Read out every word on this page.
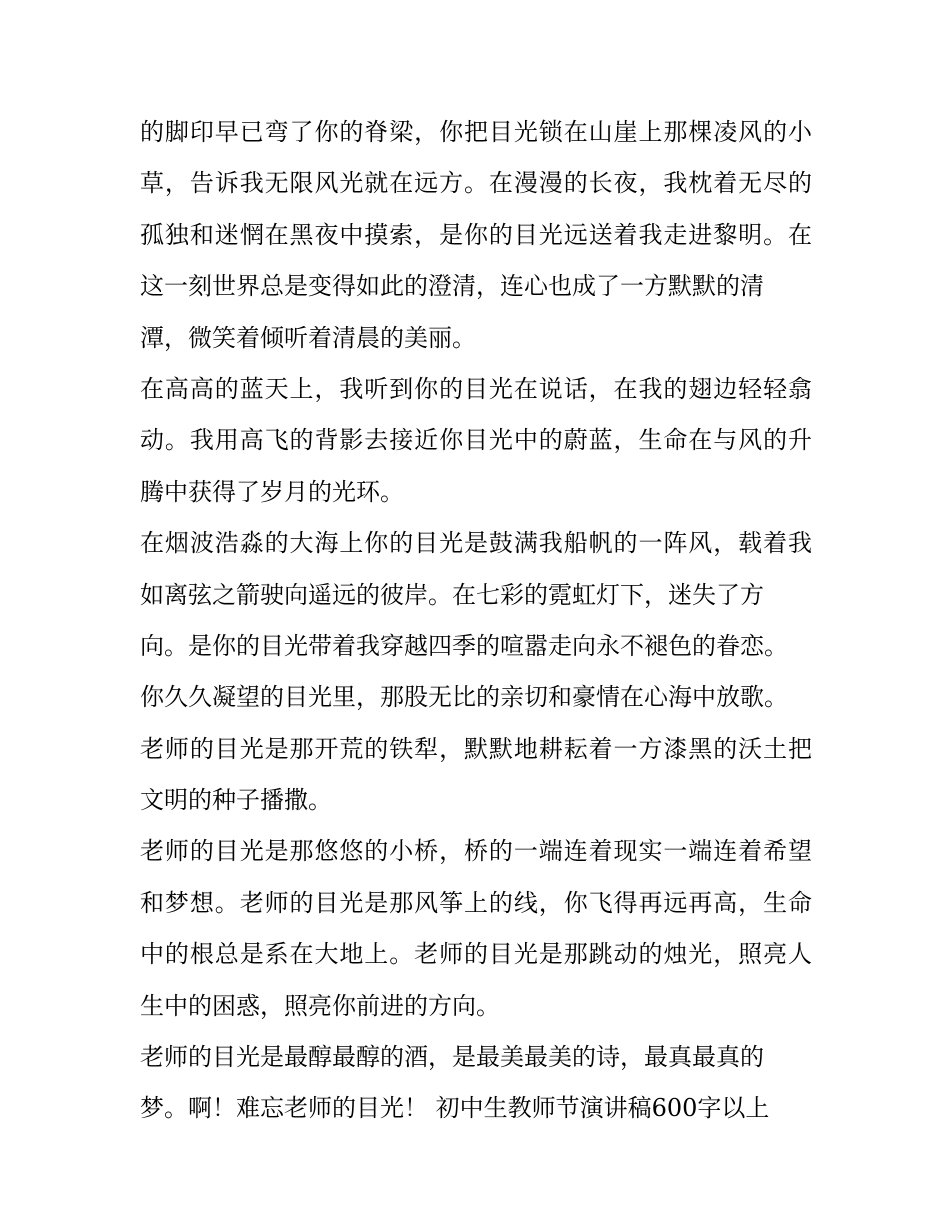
的脚印早已弯了你的脊梁，你把目光锁在山崖上那棵凌风的小
草，告诉我无限风光就在远方。在漫漫的长夜，我枕着无尽的
孤独和迷惘在黑夜中摸索，是你的目光远送着我走进黎明。在
这一刻世界总是变得如此的澄清，连心也成了一方默默的清
潭，微笑着倾听着清晨的美丽。
在高高的蓝天上，我听到你的目光在说话，在我的翅边轻轻翕
动。我用高飞的背影去接近你目光中的蔚蓝，生命在与风的升
腾中获得了岁月的光环。
在烟波浩淼的大海上你的目光是鼓满我船帆的一阵风，载着我
如离弦之箭驶向遥远的彼岸。在七彩的霓虹灯下，迷失了方
向。是你的目光带着我穿越四季的喧嚣走向永不褪色的眷恋。
你久久凝望的目光里，那股无比的亲切和豪情在心海中放歌。
老师的目光是那开荒的铁犁，默默地耕耘着一方漆黑的沃土把
文明的种子播撒。
老师的目光是那悠悠的小桥，桥的一端连着现实一端连着希望
和梦想。老师的目光是那风筝上的线，你飞得再远再高，生命
中的根总是系在大地上。老师的目光是那跳动的烛光，照亮人
生中的困惑，照亮你前进的方向。
老师的目光是最醇最醇的酒，是最美最美的诗，最真最真的
梦。啊！难忘老师的目光！ 初中生教师节演讲稿600字以上
